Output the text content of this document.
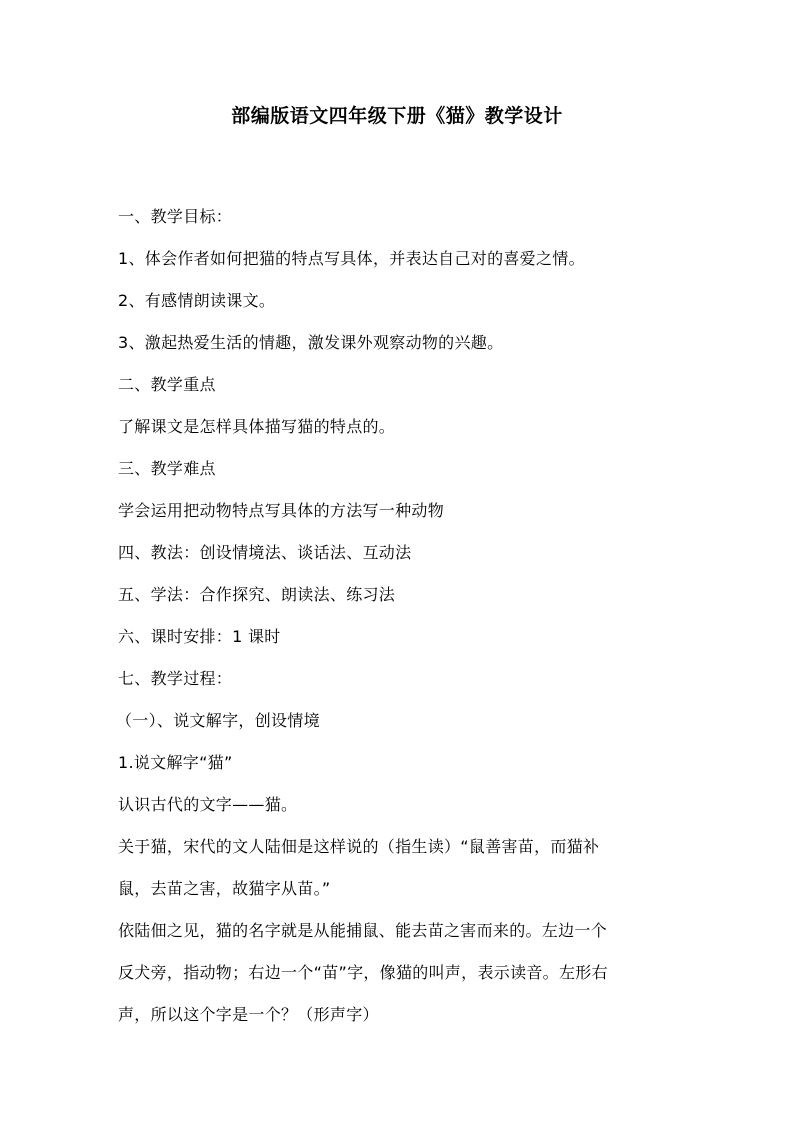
部编版语文四年级下册《猫》教学设计
一、教学目标：
1、体会作者如何把猫的特点写具体，并表达自己对的喜爱之情。
2、有感情朗读课文。
3、激起热爱生活的情趣，激发课外观察动物的兴趣。
二、教学重点
了解课文是怎样具体描写猫的特点的。
三、教学难点
学会运用把动物特点写具体的方法写一种动物
四、教法：创设情境法、谈话法、互动法
五、学法：合作探究、朗读法、练习法
六、课时安排：1 课时
七、教学过程：
（一）、说文解字，创设情境
1.说文解字“猫”
认识古代的文字——猫。
关于猫，宋代的文人陆佃是这样说的（指生读）“鼠善害苗，而猫补
鼠，去苗之害，故猫字从苗。”
依陆佃之见，猫的名字就是从能捕鼠、能去苗之害而来的。左边一个
反犬旁，指动物；右边一个“苗”字，像猫的叫声，表示读音。左形右
声，所以这个字是一个？（形声字）
